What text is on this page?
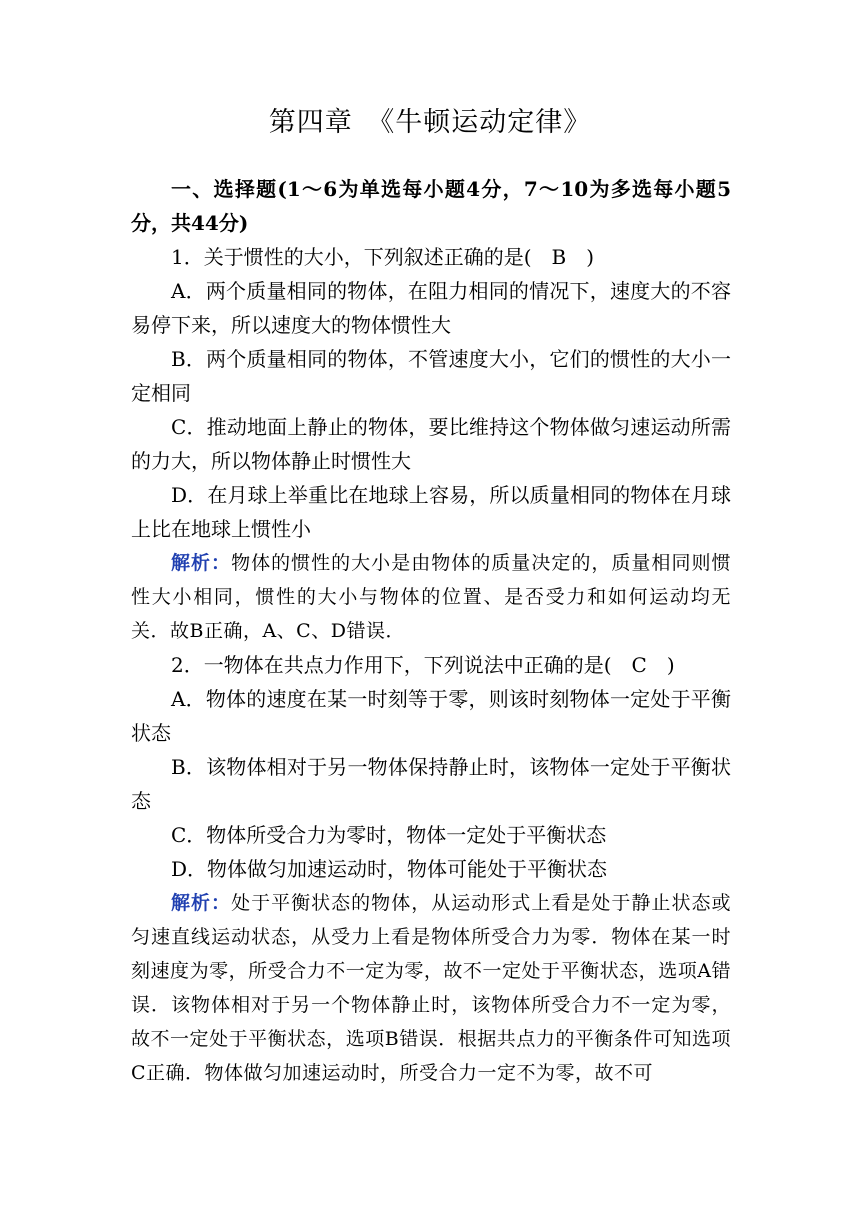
第四章　《牛顿运动定律》

一、选择题(1～6为单选每小题4分，7～10为多选每小题5分，共44分)

1．关于惯性的大小，下列叙述正确的是(　B　)

A．两个质量相同的物体，在阻力相同的情况下，速度大的不容易停下来，所以速度大的物体惯性大

B．两个质量相同的物体，不管速度大小，它们的惯性的大小一定相同

C．推动地面上静止的物体，要比维持这个物体做匀速运动所需的力大，所以物体静止时惯性大

D．在月球上举重比在地球上容易，所以质量相同的物体在月球上比在地球上惯性小

解析：物体的惯性的大小是由物体的质量决定的，质量相同则惯性大小相同，惯性的大小与物体的位置、是否受力和如何运动均无关．故B正确，A、C、D错误．

2．一物体在共点力作用下，下列说法中正确的是(　C　)

A．物体的速度在某一时刻等于零，则该时刻物体一定处于平衡状态

B．该物体相对于另一物体保持静止时，该物体一定处于平衡状态

C．物体所受合力为零时，物体一定处于平衡状态

D．物体做匀加速运动时，物体可能处于平衡状态

解析：处于平衡状态的物体，从运动形式上看是处于静止状态或匀速直线运动状态，从受力上看是物体所受合力为零．物体在某一时刻速度为零，所受合力不一定为零，故不一定处于平衡状态，选项A错误．该物体相对于另一个物体静止时，该物体所受合力不一定为零，故不一定处于平衡状态，选项B错误．根据共点力的平衡条件可知选项C正确．物体做匀加速运动时，所受合力一定不为零，故不可
